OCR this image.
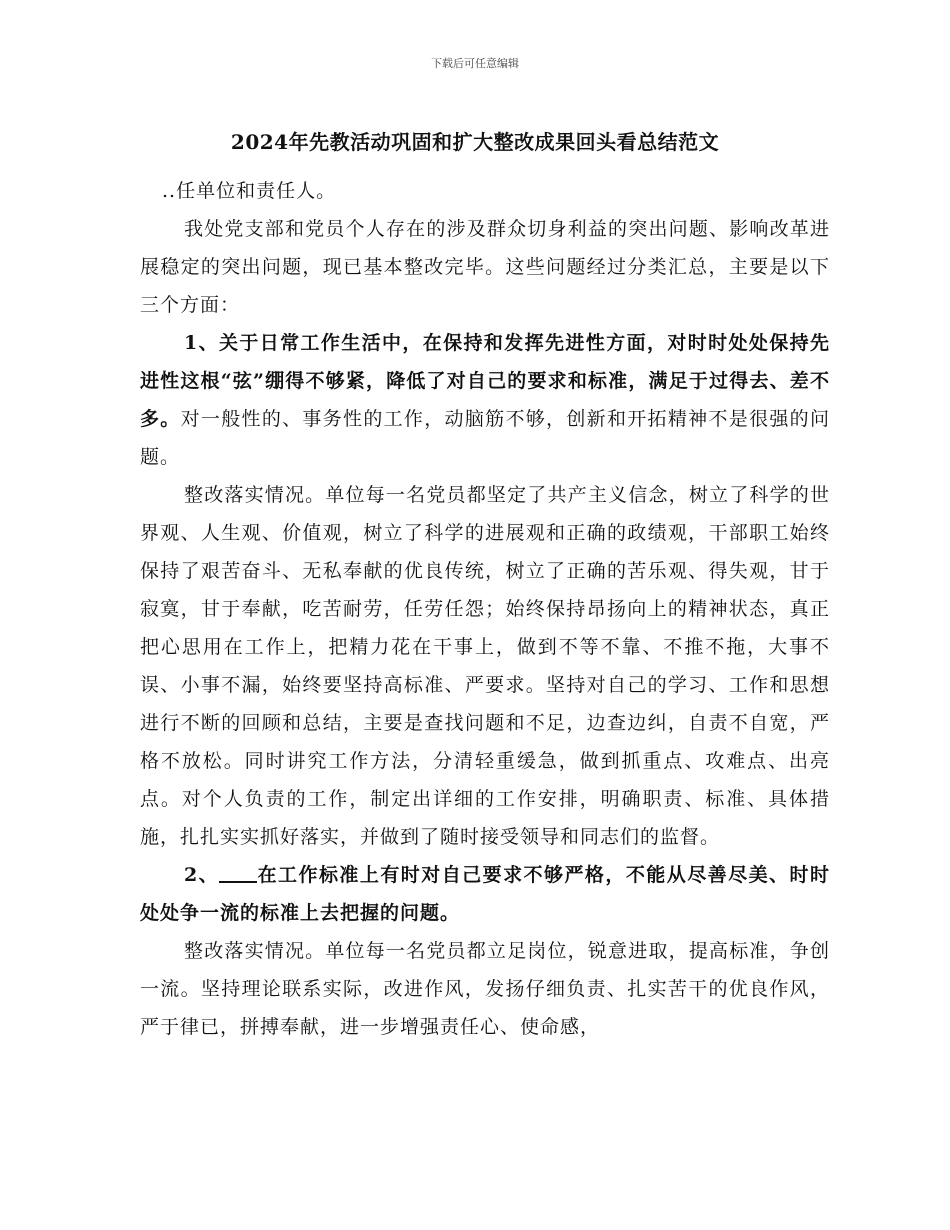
下载后可任意编辑
2024年先教活动巩固和扩大整改成果回头看总结范文

..任单位和责任人。

我处党支部和党员个人存在的涉及群众切身利益的突出问题、影响改革进展稳定的突出问题，现已基本整改完毕。这些问题经过分类汇总，主要是以下三个方面：

1、关于日常工作生活中，在保持和发挥先进性方面，对时时处处保持先进性这根“弦”绷得不够紧，降低了对自己的要求和标准，满足于过得去、差不多。对一般性的、事务性的工作，动脑筋不够，创新和开拓精神不是很强的问题。

整改落实情况。单位每一名党员都坚定了共产主义信念，树立了科学的世界观、人生观、价值观，树立了科学的进展观和正确的政绩观，干部职工始终保持了艰苦奋斗、无私奉献的优良传统，树立了正确的苦乐观、得失观，甘于寂寞，甘于奉献，吃苦耐劳，任劳任怨；始终保持昂扬向上的精神状态，真正把心思用在工作上，把精力花在干事上，做到不等不靠、不推不拖，大事不误、小事不漏，始终要坚持高标准、严要求。坚持对自己的学习、工作和思想进行不断的回顾和总结，主要是查找问题和不足，边查边纠，自责不自宽，严格不放松。同时讲究工作方法，分清轻重缓急，做到抓重点、攻难点、出亮点。对个人负责的工作，制定出详细的工作安排，明确职责、标准、具体措施，扎扎实实抓好落实，并做到了随时接受领导和同志们的监督。

2、 在工作标准上有时对自己要求不够严格，不能从尽善尽美、时时处处争一流的标准上去把握的问题。

整改落实情况。单位每一名党员都立足岗位，锐意进取，提高标准，争创一流。坚持理论联系实际，改进作风，发扬仔细负责、扎实苦干的优良作风，严于律已，拼搏奉献，进一步增强责任心、使命感，
